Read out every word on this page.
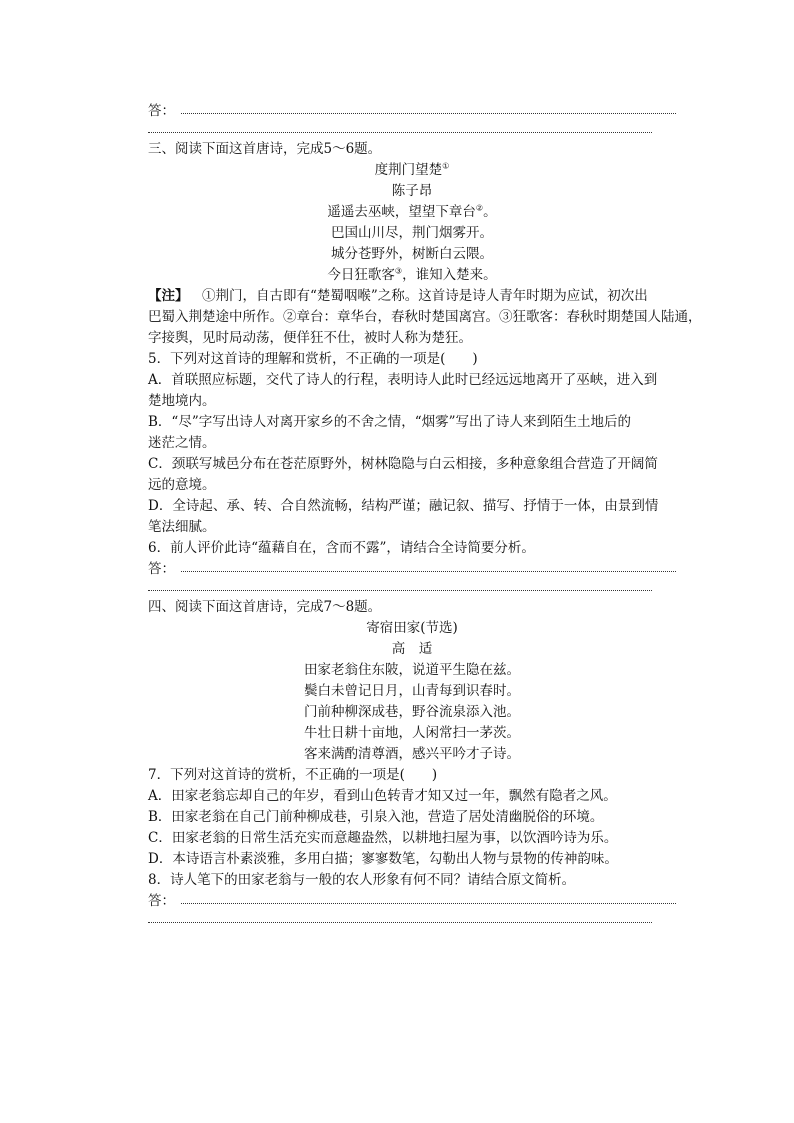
答：
三、阅读下面这首唐诗，完成5～6题。
度荆门望楚①
陈子昂
遥遥去巫峡，望望下章台②。
巴国山川尽，荆门烟雾开。
城分苍野外，树断白云隈。
今日狂歌客③，谁知入楚来。
【注】  ①荆门，自古即有“楚蜀咽喉”之称。这首诗是诗人青年时期为应试，初次出
巴蜀入荆楚途中所作。②章台：章华台，春秋时楚国离宫。③狂歌客：春秋时期楚国人陆通，
字接舆，见时局动荡，便佯狂不仕，被时人称为楚狂。
5．下列对这首诗的理解和赏析，不正确的一项是(　　)
A．首联照应标题，交代了诗人的行程，表明诗人此时已经远远地离开了巫峡，进入到
楚地境内。
B．“尽”字写出诗人对离开家乡的不舍之情，“烟雾”写出了诗人来到陌生土地后的
迷茫之情。
C．颈联写城邑分布在苍茫原野外，树林隐隐与白云相接，多种意象组合营造了开阔简
远的意境。
D．全诗起、承、转、合自然流畅，结构严谨；融记叙、描写、抒情于一体，由景到情
笔法细腻。
6．前人评价此诗“蕴藉自在，含而不露”，请结合全诗简要分析。
答：
四、阅读下面这首唐诗，完成7～8题。
寄宿田家(节选)
高　适
田家老翁住东陂，说道平生隐在兹。
鬓白未曾记日月，山青每到识春时。
门前种柳深成巷，野谷流泉添入池。
牛壮日耕十亩地，人闲常扫一茅茨。
客来满酌清尊酒，感兴平吟才子诗。
7．下列对这首诗的赏析，不正确的一项是(　　)
A．田家老翁忘却自己的年岁，看到山色转青才知又过一年，飘然有隐者之风。
B．田家老翁在自己门前种柳成巷，引泉入池，营造了居处清幽脱俗的环境。
C．田家老翁的日常生活充实而意趣盎然，以耕地扫屋为事，以饮酒吟诗为乐。
D．本诗语言朴素淡雅，多用白描；寥寥数笔，勾勒出人物与景物的传神韵味。
8．诗人笔下的田家老翁与一般的农人形象有何不同？请结合原文简析。
答：
